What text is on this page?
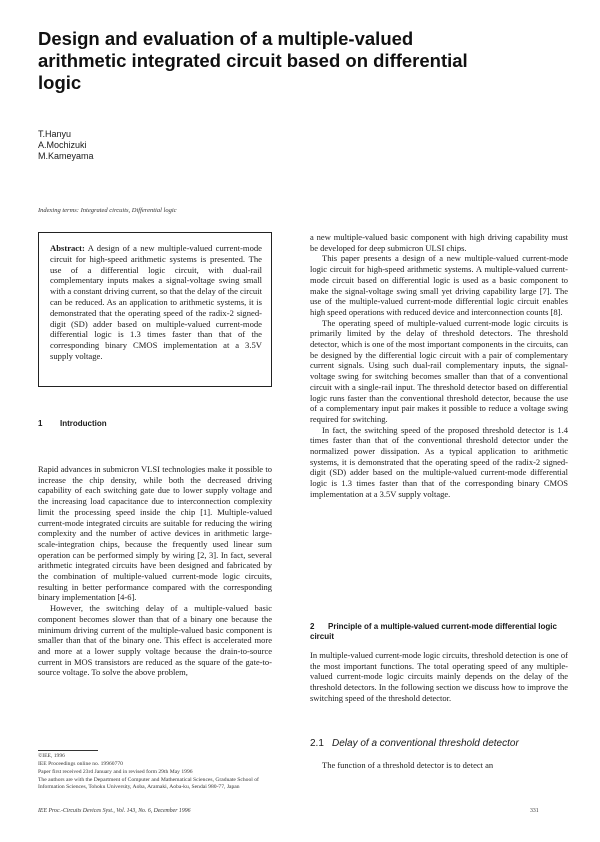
Design and evaluation of a multiple-valued arithmetic integrated circuit based on differential logic
T.Hanyu
A.Mochizuki
M.Kameyama
Indexing terms: Integrated circuits, Differential logic

Abstract: A design of a new multiple-valued current-mode circuit for high-speed arithmetic systems is presented. The use of a differential logic circuit, with dual-rail complementary inputs makes a signal-voltage swing small with a constant driving current, so that the delay of the circuit can be reduced. As an application to arithmetic systems, it is demonstrated that the operating speed of the radix-2 signed-digit (SD) adder based on multiple-valued current-mode differential logic is 1.3 times faster than that of the corresponding binary CMOS implementation at a 3.5V supply voltage.

1 Introduction

Rapid advances in submicron VLSI technologies make it possible to increase the chip density, while both the decreased driving capability of each switching gate due to lower supply voltage and the increasing load capacitance due to interconnection complexity limit the processing speed inside the chip [1]. Multiple-valued current-mode integrated circuits are suitable for reducing the wiring complexity and the number of active devices in arithmetic large-scale-integration chips, because the frequently used linear sum operation can be performed simply by wiring [2, 3]. In fact, several arithmetic integrated circuits have been designed and fabricated by the combination of multiple-valued current-mode logic circuits, resulting in better performance compared with the corresponding binary implementation [4-6].

However, the switching delay of a multiple-valued basic component becomes slower than that of a binary one because the minimum driving current of the multiple-valued basic component is smaller than that of the binary one. This effect is accelerated more and more at a lower supply voltage because the drain-to-source current in MOS transistors are reduced as the square of the gate-to-source voltage. To solve the above problem,

©IEE, 1996
IEE Proceedings online no. 19960770
Paper first received 23rd January and in revised form 29th May 1996
The authors are with the Department of Computer and Mathematical Sciences, Graduate School of Information Sciences, Tohoku University, Aoba, Aramaki, Aoba-ku, Sendai 980-77, Japan
IEE Proc.-Circuits Devices Syst., Vol. 143, No. 6, December 1996	331

a new multiple-valued basic component with high driving capability must be developed for deep submicron ULSI chips.

This paper presents a design of a new multiple-valued current-mode logic circuit for high-speed arithmetic systems. A multiple-valued current-mode circuit based on differential logic is used as a basic component to make the signal-voltage swing small yet driving capability large [7]. The use of the multiple-valued current-mode differential logic circuit enables high speed operations with reduced device and interconnection counts [8].

The operating speed of multiple-valued current-mode logic circuits is primarily limited by the delay of threshold detectors. The threshold detector, which is one of the most important components in the circuits, can be designed by the differential logic circuit with a pair of complementary current signals. Using such dual-rail complementary inputs, the signal-voltage swing for switching becomes smaller than that of a conventional circuit with a single-rail input. The threshold detector based on differential logic runs faster than the conventional threshold detector, because the use of a complementary input pair makes it possible to reduce a voltage swing required for switching.

In fact, the switching speed of the proposed threshold detector is 1.4 times faster than that of the conventional threshold detector under the normalized power dissipation. As a typical application to arithmetic systems, it is demonstrated that the operating speed of the radix-2 signed-digit (SD) adder based on the multiple-valued current-mode differential logic is 1.3 times faster than that of the corresponding binary CMOS implementation at a 3.5V supply voltage.

2 Principle of a multiple-valued current-mode differential logic circuit

In multiple-valued current-mode logic circuits, threshold detection is one of the most important functions. The total operating speed of any multiple-valued current-mode logic circuits mainly depends on the delay of the threshold detectors. In the following section we discuss how to improve the switching speed of the threshold detector.

2.1 Delay of a conventional threshold detector

The function of a threshold detector is to detect an
